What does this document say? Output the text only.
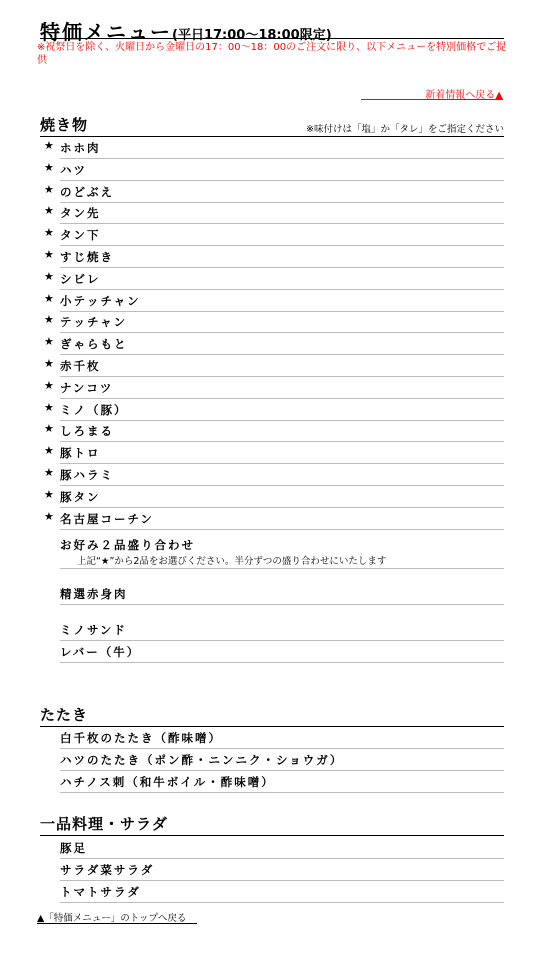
特価メニュー(平日17:00〜18:00限定)
※祝祭日を除く、火曜日から金曜日の17：00〜18：00のご注文に限り、以下メニューを特別価格でご提供
新着情報へ戻る▲
焼き物	※味付けは「塩」か「タレ」をご指定ください
★ ホホ肉
★ ハツ
★ のどぶえ
★ タン先
★ タン下
★ すじ焼き
★ シビレ
★ 小テッチャン
★ テッチャン
★ ぎゃらもと
★ 赤千枚
★ ナンコツ
★ ミノ（豚）
★ しろまる
★ 豚トロ
★ 豚ハラミ
★ 豚タン
★ 名古屋コーチン
お好み２品盛り合わせ
上記“★”から2品をお選びください。半分ずつの盛り合わせにいたします
精選赤身肉
ミノサンド
レバー（牛）
たたき
白千枚のたたき（酢味噌）
ハツのたたき（ポン酢・ニンニク・ショウガ）
ハチノス刺（和牛ボイル・酢味噌）
一品料理・サラダ
豚足
サラダ菜サラダ
トマトサラダ
▲「特価メニュー」のトップへ戻る
